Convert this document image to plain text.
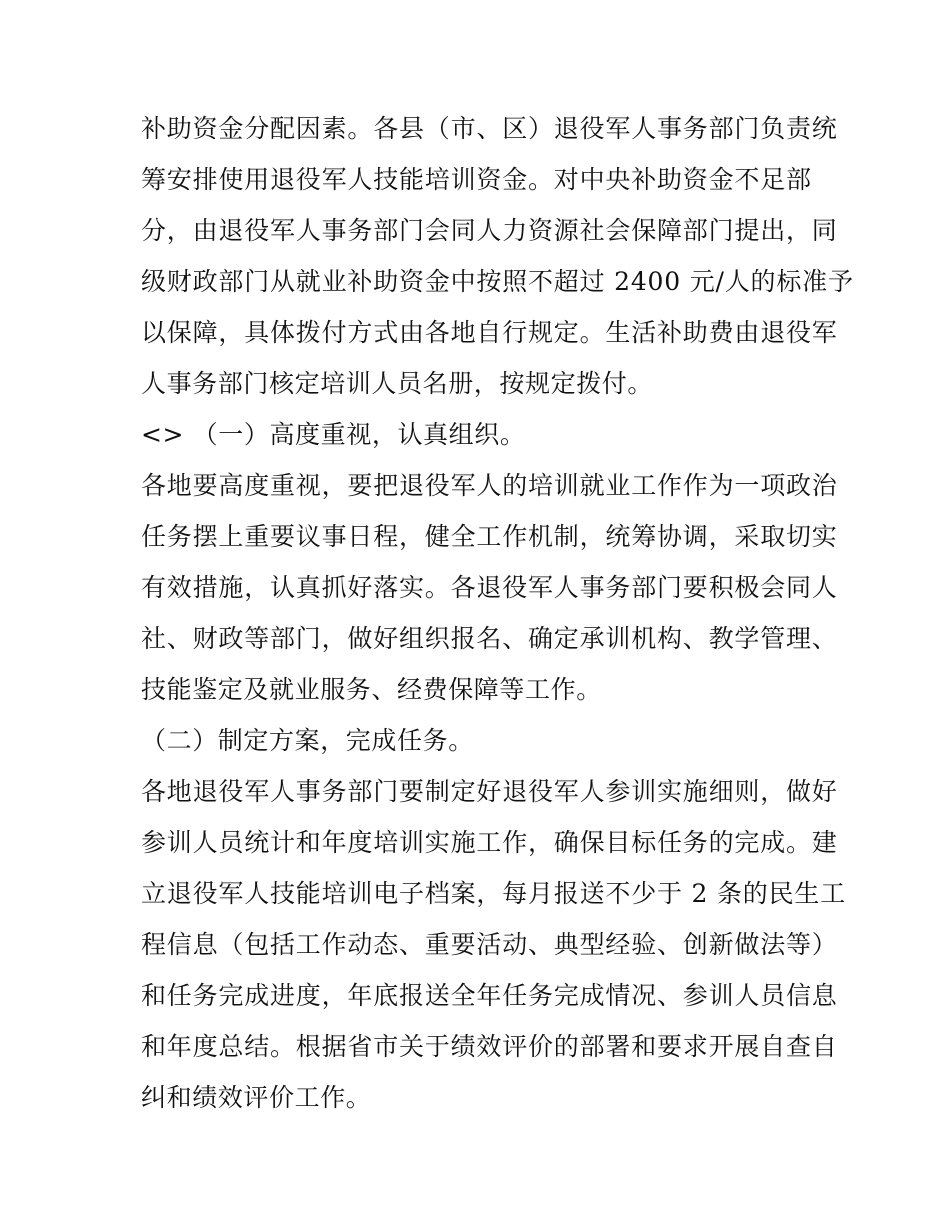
补助资金分配因素。各县（市、区）退役军人事务部门负责统
筹安排使用退役军人技能培训资金。对中央补助资金不足部
分，由退役军人事务部门会同人力资源社会保障部门提出，同
级财政部门从就业补助资金中按照不超过 2400 元/人的标准予
以保障，具体拨付方式由各地自行规定。生活补助费由退役军
人事务部门核定培训人员名册，按规定拨付。
<> （一）高度重视，认真组织。
各地要高度重视，要把退役军人的培训就业工作作为一项政治
任务摆上重要议事日程，健全工作机制，统筹协调，采取切实
有效措施，认真抓好落实。各退役军人事务部门要积极会同人
社、财政等部门，做好组织报名、确定承训机构、教学管理、
技能鉴定及就业服务、经费保障等工作。
（二）制定方案，完成任务。
各地退役军人事务部门要制定好退役军人参训实施细则，做好
参训人员统计和年度培训实施工作，确保目标任务的完成。建
立退役军人技能培训电子档案，每月报送不少于 2 条的民生工
程信息（包括工作动态、重要活动、典型经验、创新做法等）
和任务完成进度，年底报送全年任务完成情况、参训人员信息
和年度总结。根据省市关于绩效评价的部署和要求开展自查自
纠和绩效评价工作。
